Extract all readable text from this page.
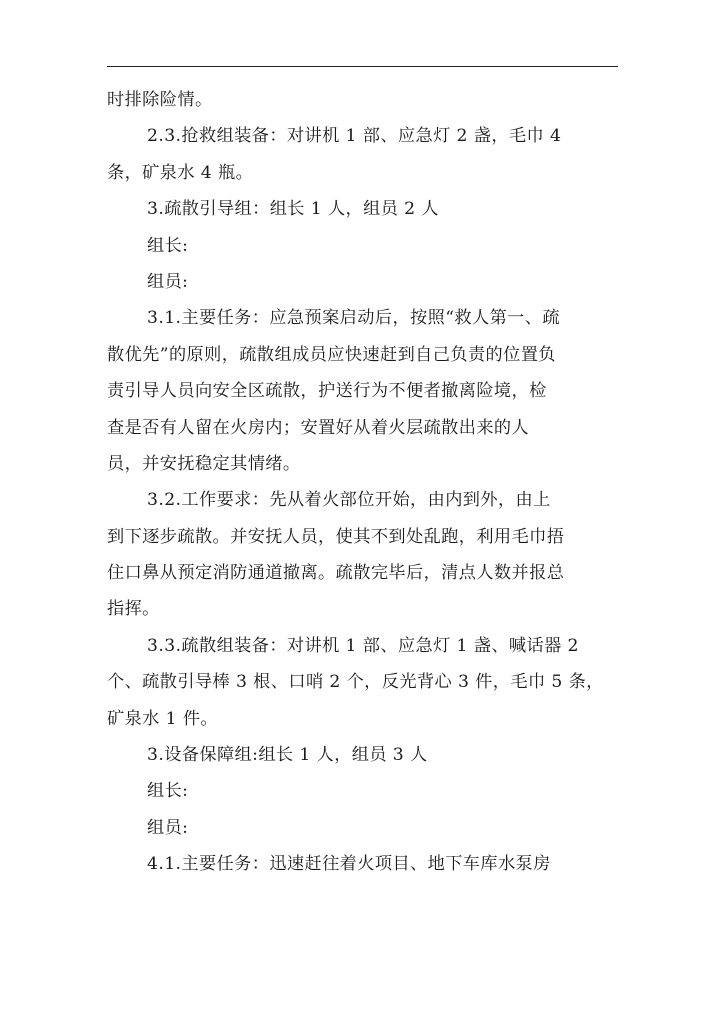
时排除险情。
2.3.抢救组装备：对讲机 1 部、应急灯 2 盏，毛巾 4
条，矿泉水 4 瓶。
3.疏散引导组：组长 1 人，组员 2 人
组长:
组员:
3.1.主要任务：应急预案启动后，按照“救人第一、疏
散优先”的原则，疏散组成员应快速赶到自己负责的位置负
责引导人员向安全区疏散，护送行为不便者撤离险境，检
查是否有人留在火房内；安置好从着火层疏散出来的人
员，并安抚稳定其情绪。
3.2.工作要求：先从着火部位开始，由内到外，由上
到下逐步疏散。并安抚人员，使其不到处乱跑，利用毛巾捂
住口鼻从预定消防通道撤离。疏散完毕后，清点人数并报总
指挥。
3.3.疏散组装备：对讲机 1 部、应急灯 1 盏、喊话器 2
个、疏散引导棒 3 根、口哨 2 个，反光背心 3 件，毛巾 5 条，
矿泉水 1 件。
3.设备保障组:组长 1 人，组员 3 人
组长:
组员:
4.1.主要任务：迅速赶往着火项目、地下车库水泵房
